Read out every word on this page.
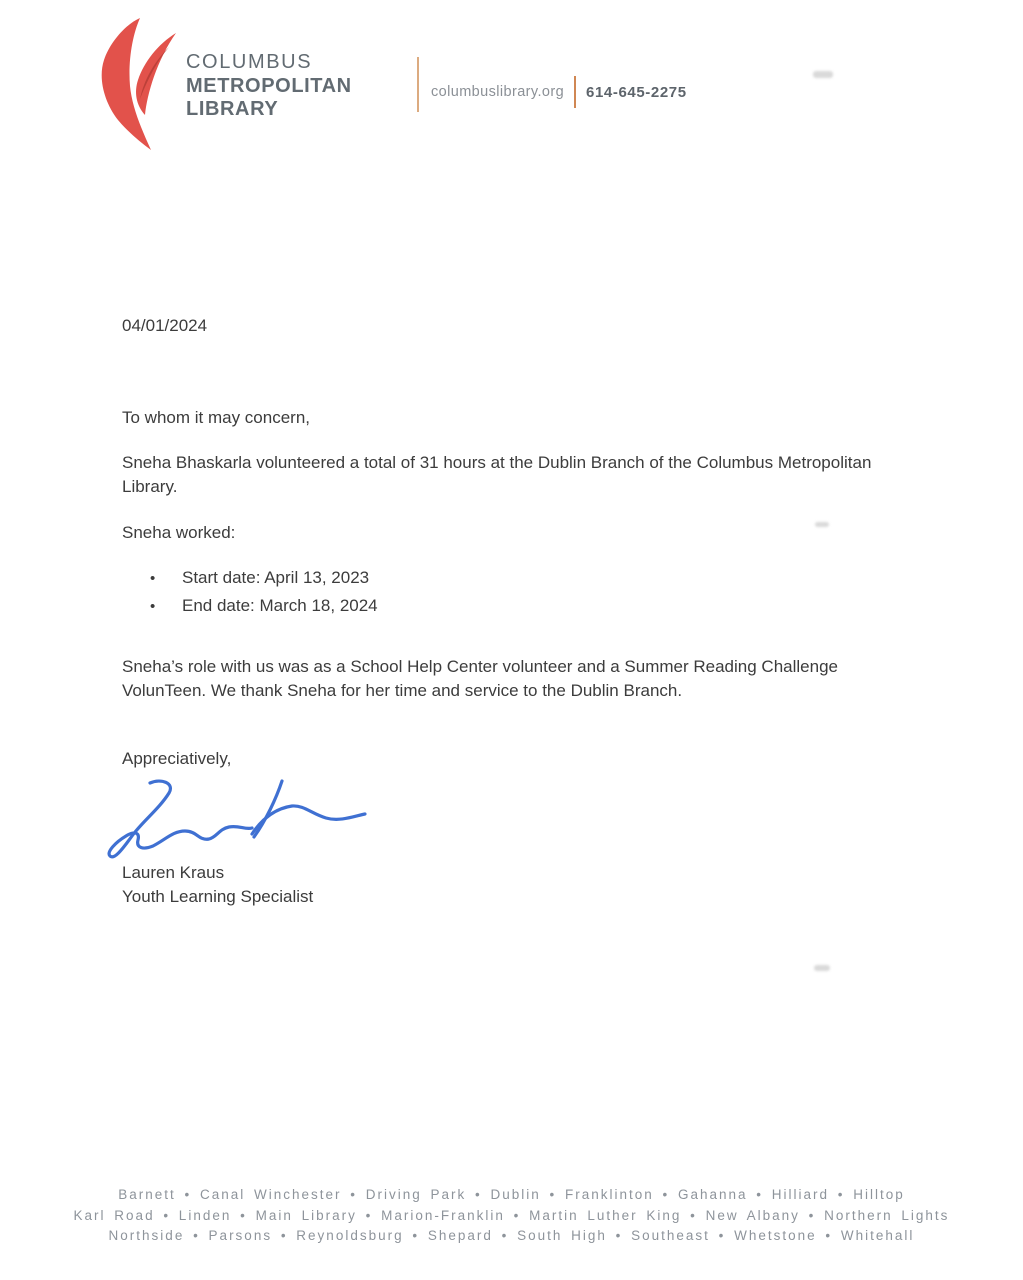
COLUMBUS
METROPOLITAN
LIBRARY
columbuslibrary.org 614-645-2275
04/01/2024
To whom it may concern,
Sneha Bhaskarla volunteered a total of 31 hours at the Dublin Branch of the Columbus Metropolitan Library.
Sneha worked:
•	Start date: April 13, 2023
•	End date: March 18, 2024
Sneha’s role with us was as a School Help Center volunteer and a Summer Reading Challenge VolunTeen. We thank Sneha for her time and service to the Dublin Branch.
Appreciatively,
Lauren Kraus
Youth Learning Specialist
Barnett • Canal Winchester • Driving Park • Dublin • Franklinton • Gahanna • Hilliard • Hilltop
Karl Road • Linden • Main Library • Marion-Franklin • Martin Luther King • New Albany • Northern Lights
Northside • Parsons • Reynoldsburg • Shepard • South High • Southeast • Whetstone • Whitehall
